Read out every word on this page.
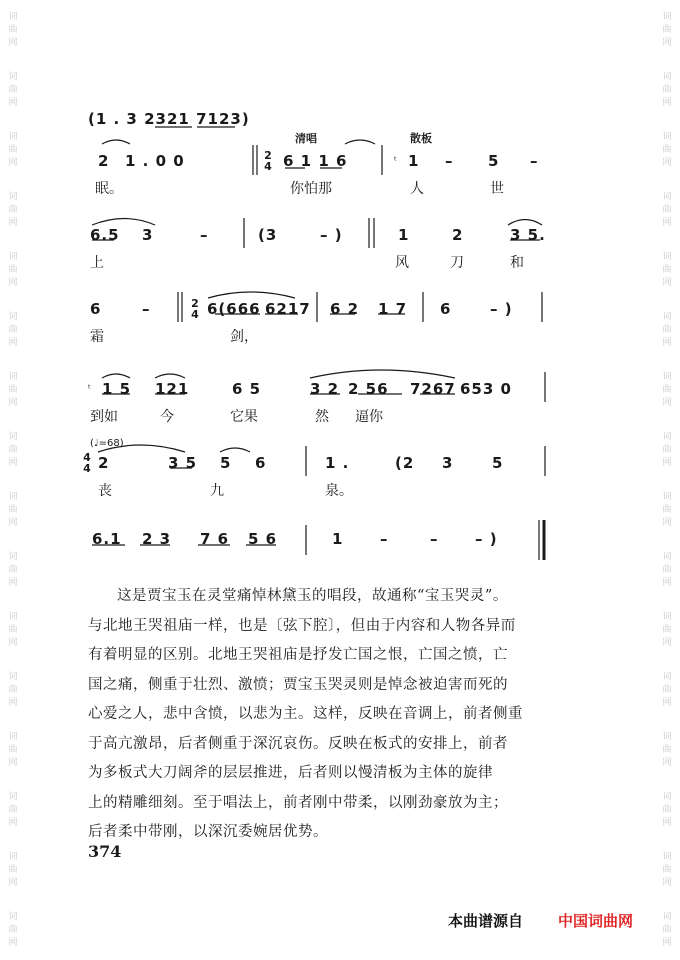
词
曲
网
词
曲
网
词
曲
网
词
曲
网
词
曲
网
词
曲
网
词
曲
网
词
曲
网
词
曲
网
词
曲
网
词
曲
网
词
曲
网
词
曲
网
词
曲
网
词
曲
网
词
曲
网
词
曲
网
词
曲
网
词
曲
网
词
曲
网
词
曲
网
词
曲
网
词
曲
网
词
曲
网
词
曲
网
词
曲
网
词
曲
网
词
曲
网
词
曲
网
词
曲
网
词
曲
网
词
曲
网
(1 . 3 2321 7123)
清唱	散板
2 1 . 0 0	2
4 6 1 1 6	ᵗ 1 – 5 –
眠。	你怕那	人	世
6.5 3	–	(3	– )	1	2	3 5.
上	风	刀	和
6	–	2
4 6(666 6217 6 2 1 7 6	– )
霜	剑，
ᵗ 1 5 121	6 5	3 2 2 56 7267 653 0
到如	今	它果	然 逼你
(♩=68)
4
4 2	3 5 5 6	1 .	(2 3	5
丧	九	泉。
6.1 2 3 7 6 5 6	1 –	– – )

这是贾宝玉在灵堂痛悼林黛玉的唱段，故通称“宝玉哭灵”。

与北地王哭祖庙一样，也是〔弦下腔〕，但由于内容和人物各异而

有着明显的区别。北地王哭祖庙是抒发亡国之恨，亡国之愤，亡

国之痛，侧重于壮烈、激愤；贾宝玉哭灵则是悼念被迫害而死的

心爱之人，悲中含愤，以悲为主。这样，反映在音调上，前者侧重

于高亢激昂，后者侧重于深沉哀伤。反映在板式的安排上，前者

为多板式大刀阔斧的层层推进，后者则以慢清板为主体的旋律

上的精雕细刻。至于唱法上，前者刚中带柔，以刚劲豪放为主；

后者柔中带刚，以深沉委婉居优势。

374
本曲谱源自 中国词曲网
